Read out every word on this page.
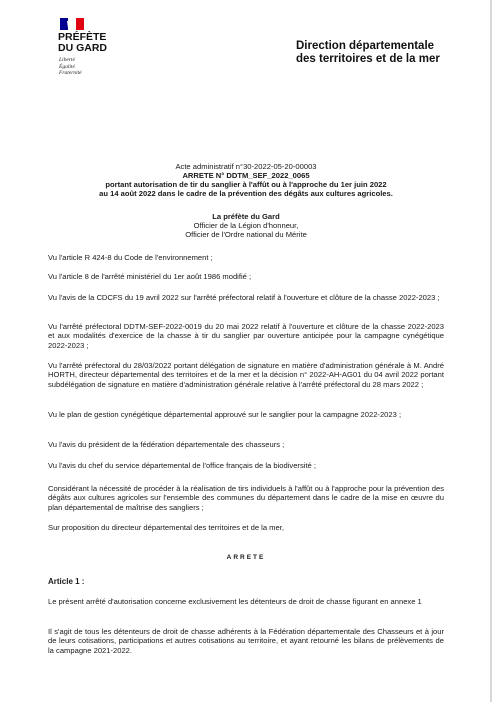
PRÉFÈTE
DU GARD
Liberté
Égalité
Fraternité
Direction départementale
des territoires et de la mer
Acte administratif n°30-2022-05-20-00003
ARRETE N° DDTM_SEF_2022_0065
portant autorisation de tir du sanglier à l'affût ou à l'approche du 1er juin 2022
au 14 août 2022 dans le cadre de la prévention des dégâts aux cultures agricoles.
La préfète du Gard
Officier de la Légion d'honneur,
Officier de l'Ordre national du Mérite
Vu l'article R 424-8 du Code de l'environnement ;
Vu l'article 8 de l'arrêté ministériel du 1er août 1986 modifié ;
Vu l'avis de la CDCFS du 19 avril 2022 sur l'arrêté préfectoral relatif à l'ouverture et clôture de la chasse 2022-2023 ;
Vu l'arrêté préfectoral DDTM-SEF-2022-0019 du 20 mai 2022 relatif à l'ouverture et clôture de la chasse 2022-2023 et aux modalités d'exercice de la chasse à tir du sanglier par ouverture anticipée pour la campagne cynégétique 2022-2023 ;
Vu l'arrêté préfectoral du 28/03/2022 portant délégation de signature en matière d'administration générale à M. André HORTH, directeur départemental des territoires et de la mer et la décision n° 2022-AH-AG01 du 04 avril 2022 portant subdélégation de signature en matière d'administration générale relative à l'arrêté préfectoral du 28 mars 2022 ;
Vu le plan de gestion cynégétique départemental approuvé sur le sanglier pour la campagne 2022-2023 ;
Vu l'avis du président de la fédération départementale des chasseurs ;
Vu l'avis du chef du service départemental de l'office français de la biodiversité ;
Considérant la nécessité de procéder à la réalisation de tirs individuels à l'affût ou à l'approche pour la prévention des dégâts aux cultures agricoles sur l'ensemble des communes du département dans le cadre de la mise en œuvre du plan départemental de maîtrise des sangliers ;
Sur proposition du directeur départemental des territoires et de la mer,
ARRETE
Article 1 :
Le présent arrêté d'autorisation concerne exclusivement les détenteurs de droit de chasse figurant en annexe 1
Il s'agit de tous les détenteurs de droit de chasse adhérents à la Fédération départementale des Chasseurs et à jour de leurs cotisations, participations et autres cotisations au territoire, et ayant retourné les bilans de prélèvements de la campagne 2021-2022.
